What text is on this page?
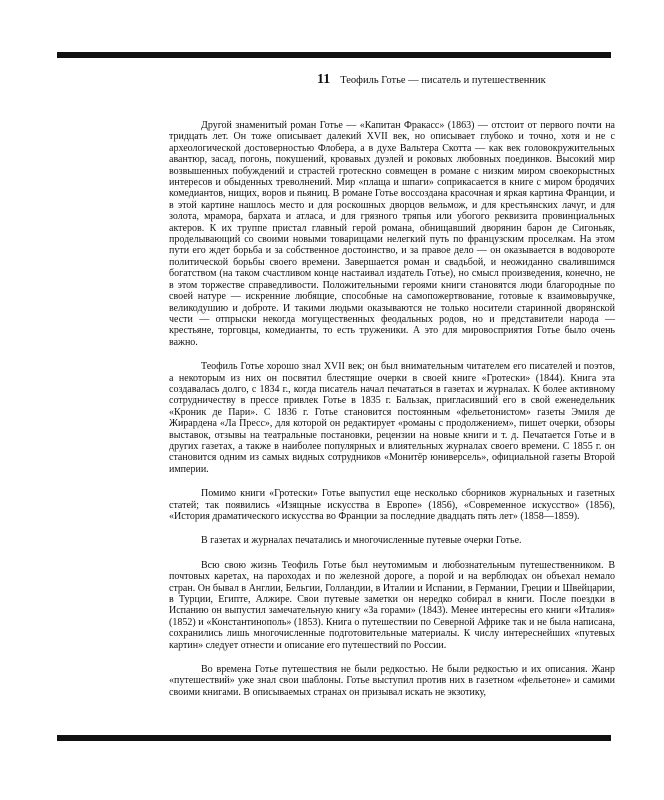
11 Теофиль Готье — писатель и путешественник

Другой знаменитый роман Готье — «Капитан Фракасс» (1863) — отстоит от первого почти на тридцать лет. Он тоже описывает далекий XVII век, но описывает глубоко и точно, хотя и не с археологической достоверностью Флобера, а в духе Вальтера Скотта — как век головокружительных авантюр, засад, погонь, покушений, кровавых дуэлей и роковых любовных поединков. Высокий мир возвышенных побуждений и страстей гротескно совмещен в романе с низким миром своекорыстных интересов и обыденных треволнений. Мир «плаща и шпаги» соприкасается в книге с миром бродячих комедиантов, нищих, воров и пьяниц. В романе Готье воссоздана красочная и яркая картина Франции, и в этой картине нашлось место и для роскошных дворцов вельмож, и для крестьянских лачуг, и для золота, мрамора, бархата и атласа, и для грязного тряпья или убогого реквизита провинциальных актеров. К их труппе пристал главный герой романа, обнищавший дворянин барон де Сигоньяк, проделывающий со своими новыми товарищами нелегкий путь по французским проселкам. На этом пути его ждет борьба и за собственное достоинство, и за правое дело — он оказывается в водовороте политической борьбы своего времени. Завершается роман и свадьбой, и неожиданно свалившимся богатством (на таком счастливом конце настаивал издатель Готье), но смысл произведения, конечно, не в этом торжестве справедливости. Положительными героями книги становятся люди благородные по своей натуре — искренние любящие, способные на самопожертвование, готовые к взаимовыручке, великодушию и доброте. И такими людьми оказываются не только носители старинной дворянской чести — отпрыски некогда могущественных феодальных родов, но и представители народа — крестьяне, торговцы, комедианты, то есть труженики. А это для мировосприятия Готье было очень важно.

Теофиль Готье хорошо знал XVII век; он был внимательным читателем его писателей и поэтов, а некоторым из них он посвятил блестящие очерки в своей книге «Гротески» (1844). Книга эта создавалась долго, с 1834 г., когда писатель начал печататься в газетах и журналах. К более активному сотрудничеству в прессе привлек Готье в 1835 г. Бальзак, пригласивший его в свой еженедельник «Кроник де Пари». С 1836 г. Готье становится постоянным «фельетонистом» газеты Эмиля де Жирардена «Ла Пресс», для которой он редактирует «романы с продолжением», пишет очерки, обзоры выставок, отзывы на театральные постановки, рецензии на новые книги и т. д. Печатается Готье и в других газетах, а также в наиболее популярных и влиятельных журналах своего времени. С 1855 г. он становится одним из самых видных сотрудников «Монитёр юниверсель», официальной газеты Второй империи.

Помимо книги «Гротески» Готье выпустил еще несколько сборников журнальных и газетных статей; так появились «Изящные искусства в Европе» (1856), «Современное искусство» (1856), «История драматического искусства во Франции за последние двадцать пять лет» (1858—1859).

В газетах и журналах печатались и многочисленные путевые очерки Готье.

Всю свою жизнь Теофиль Готье был неутомимым и любознательным путешественником. В почтовых каретах, на пароходах и по железной дороге, а порой и на верблюдах он объехал немало стран. Он бывал в Англии, Бельгии, Голландии, в Италии и Испании, в Германии, Греции и Швейцарии, в Турции, Египте, Алжире. Свои путевые заметки он нередко собирал в книги. После поездки в Испанию он выпустил замечательную книгу «За горами» (1843). Менее интересны его книги «Италия» (1852) и «Константинополь» (1853). Книга о путешествии по Северной Африке так и не была написана, сохранились лишь многочисленные подготовительные материалы. К числу интереснейших «путевых картин» следует отнести и описание его путешествий по России.

Во времена Готье путешествия не были редкостью. Не были редкостью и их описания. Жанр «путешествий» уже знал свои шаблоны. Готье выступил против них в газетном «фельетоне» и самими своими книгами. В описываемых странах он призывал искать не экзотику,
